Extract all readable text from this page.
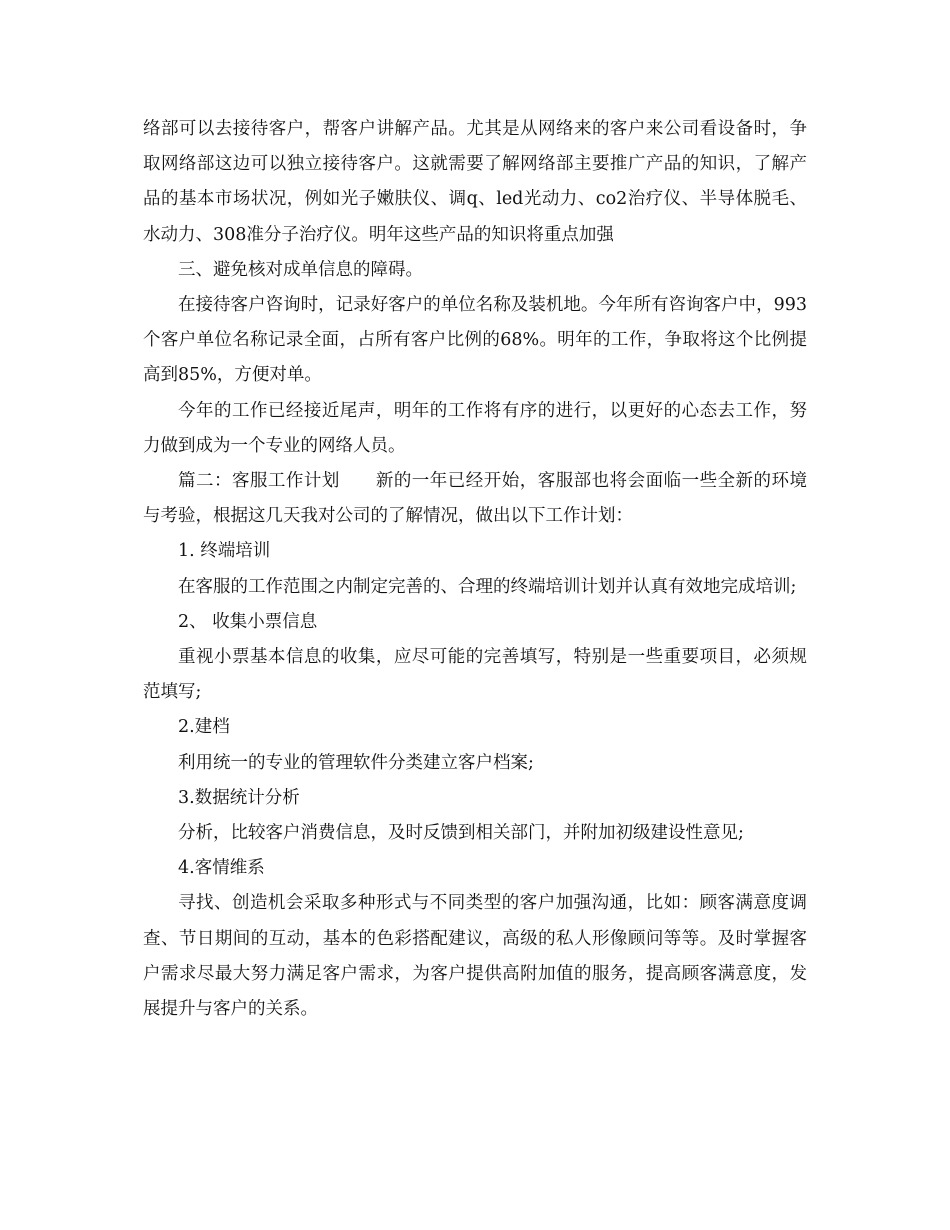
络部可以去接待客户，帮客户讲解产品。尤其是从网络来的客户来公司看设备时，争取网络部这边可以独立接待客户。这就需要了解网络部主要推广产品的知识，了解产品的基本市场状况，例如光子嫩肤仪、调q、led光动力、co2治疗仪、半导体脱毛、水动力、308准分子治疗仪。明年这些产品的知识将重点加强

三、避免核对成单信息的障碍。

在接待客户咨询时，记录好客户的单位名称及装机地。今年所有咨询客户中，993个客户单位名称记录全面，占所有客户比例的68%。明年的工作，争取将这个比例提高到85%，方便对单。

今年的工作已经接近尾声，明年的工作将有序的进行，以更好的心态去工作，努力做到成为一个专业的网络人员。

篇二：客服工作计划　　新的一年已经开始，客服部也将会面临一些全新的环境与考验，根据这几天我对公司的了解情况，做出以下工作计划：

1. 终端培训

在客服的工作范围之内制定完善的、合理的终端培训计划并认真有效地完成培训;

2、 收集小票信息

重视小票基本信息的收集，应尽可能的完善填写，特别是一些重要项目，必须规范填写;

2.建档

利用统一的专业的管理软件分类建立客户档案;

3.数据统计分析

分析，比较客户消费信息，及时反馈到相关部门，并附加初级建设性意见;

4.客情维系

寻找、创造机会采取多种形式与不同类型的客户加强沟通，比如：顾客满意度调查、节日期间的互动，基本的色彩搭配建议，高级的私人形像顾问等等。及时掌握客户需求尽最大努力满足客户需求，为客户提供高附加值的服务，提高顾客满意度，发展提升与客户的关系。
